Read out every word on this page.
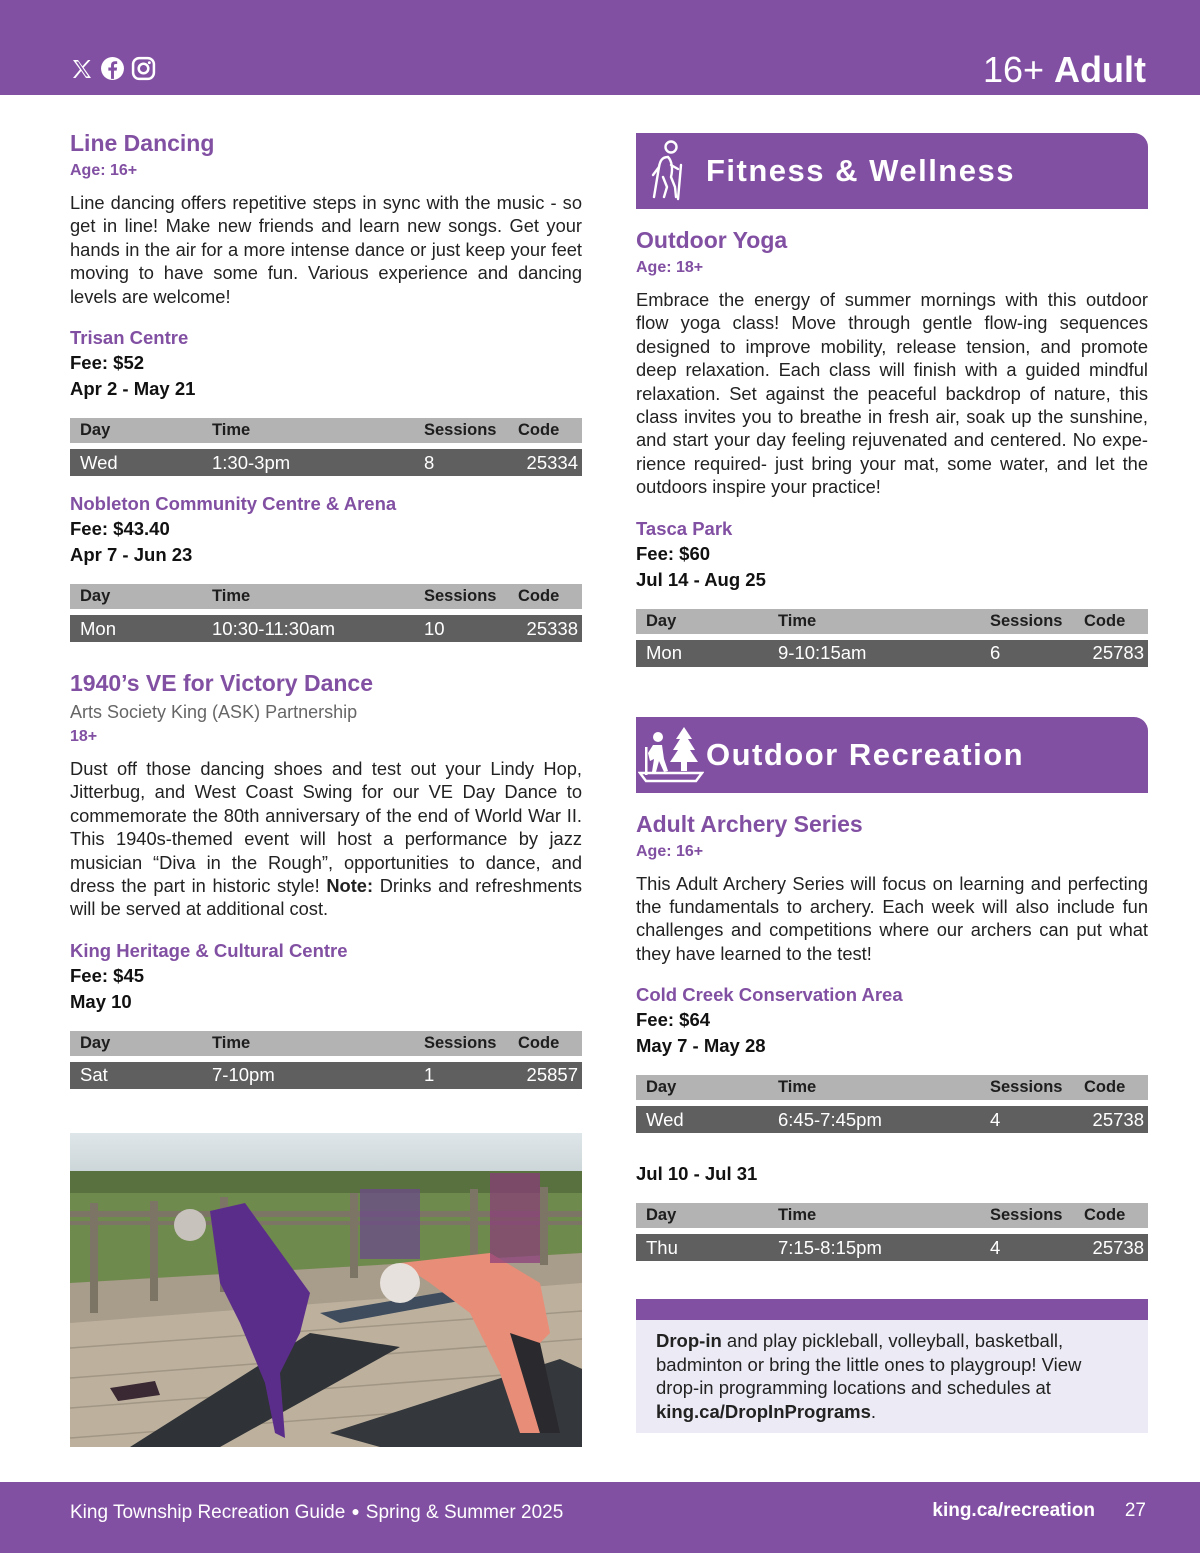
16+ Adult
Line Dancing
Age: 16+
Line dancing offers repetitive steps in sync with the music - so get in line! Make new friends and learn new songs. Get your hands in the air for a more intense dance or just keep your feet moving to have some fun. Various experience and dancing levels are welcome!
Trisan Centre
Fee: $52
Apr 2 - May 21
Day	Time	Sessions	Code
Wed	1:30-3pm	8	25334
Nobleton Community Centre & Arena
Fee: $43.40
Apr 7 - Jun 23
Day	Time	Sessions	Code
Mon	10:30-11:30am	10	25338
1940’s VE for Victory Dance
Arts Society King (ASK) Partnership
18+
Dust off those dancing shoes and test out your Lindy Hop, Jitterbug, and West Coast Swing for our VE Day Dance to commemorate the 80th anniversary of the end of World War II. This 1940s-themed event will host a performance by jazz musician “Diva in the Rough”, opportunities to dance, and dress the part in historic style! Note: Drinks and refreshments will be served at additional cost.
King Heritage & Cultural Centre
Fee: $45
May 10
Day	Time	Sessions	Code
Sat	7-10pm	1	25857
Fitness & Wellness
Outdoor Yoga
Age: 18+
Embrace the energy of summer mornings with this outdoor flow yoga class! Move through gentle flow-ing sequences designed to improve mobility, release tension, and promote deep relaxation. Each class will finish with a guided mindful relaxation. Set against the peaceful backdrop of nature, this class invites you to breathe in fresh air, soak up the sunshine, and start your day feeling rejuvenated and centered. No expe-rience required- just bring your mat, some water, and let the outdoors inspire your practice!
Tasca Park
Fee: $60
Jul 14 - Aug 25
Day	Time	Sessions	Code
Mon	9-10:15am	6	25783
Outdoor Recreation
Adult Archery Series
Age: 16+
This Adult Archery Series will focus on learning and perfecting the fundamentals to archery. Each week will also include fun challenges and competitions where our archers can put what they have learned to the test!
Cold Creek Conservation Area
Fee: $64
May 7 - May 28
Day	Time	Sessions	Code
Wed	6:45-7:45pm	4	25738
Jul 10 - Jul 31
Day	Time	Sessions	Code
Thu	7:15-8:15pm	4	25738
Drop-in and play pickleball, volleyball, basketball, badminton or bring the little ones to playgroup! View drop-in programming locations and schedules at king.ca/DropInPrograms.
King Township Recreation Guide ● Spring & Summer 2025	king.ca/recreation 27
